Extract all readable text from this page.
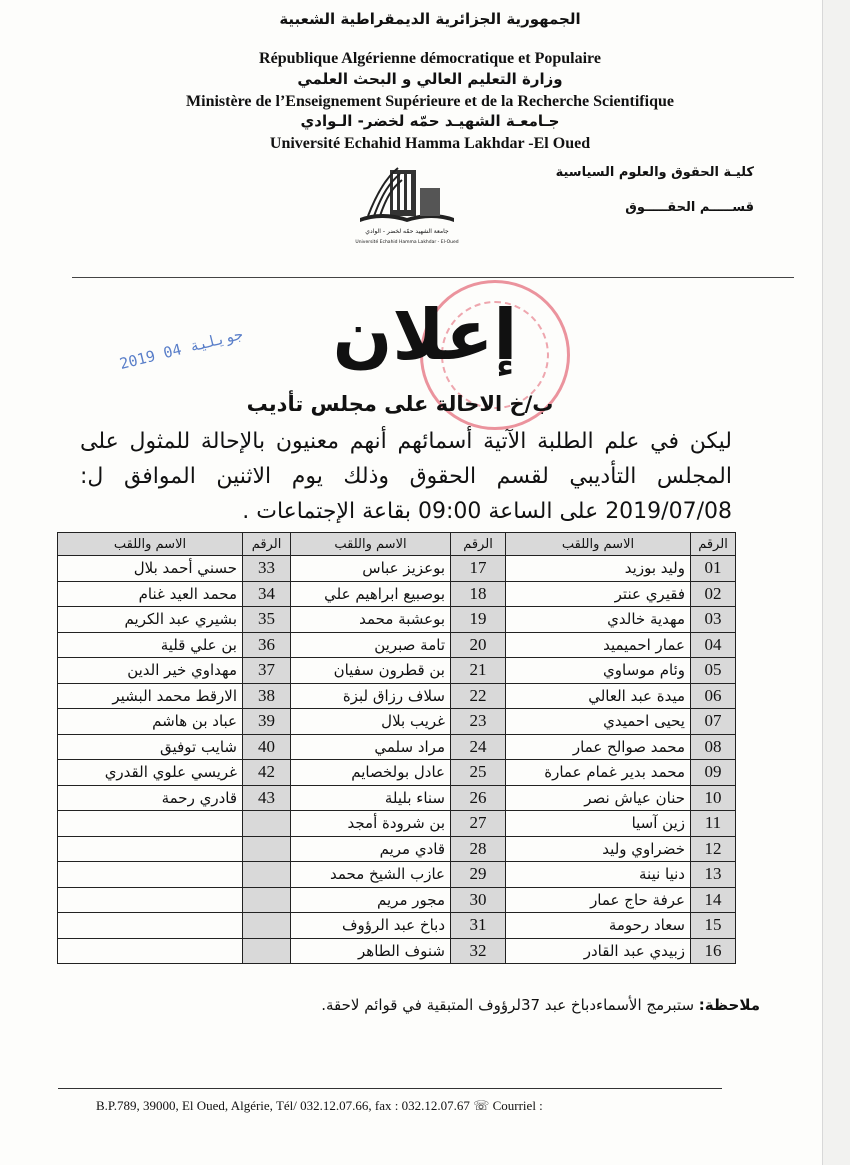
الجمهورية الجزائرية الديمقراطية الشعبية
République Algérienne démocratique et Populaire
وزارة التعليم العالي و البحث العلمي
Ministère de l’Enseignement Supérieure et de la Recherche Scientifique
جـامعـة الشهيـد حمّه لخضر- الـوادي
Université Echahid Hamma Lakhdar -El Oued
كليـة الحقوق والعلوم السياسية
قســـــم الحقـــــوق
جامعة الشهيد حمّه لخضر - الوادي
Université Echahid Hamma Lakhdar - El-Oued
2019 جويلية 04	إعلان
ب/خ الاحالة على مجلس تأديب
ليكن في علم الطلبة الآتية أسمائهم أنهم معنيون بالإحالة للمثول على
المجلس التأديبي لقسم الحقوق وذلك يوم الاثنين الموافق ل:
2019/07/08 على الساعة 09:00 بقاعة الإجتماعات .
الرقم	الاسم واللقب	الرقم	الاسم واللقب	الرقم	الاسم واللقب
01	وليد بوزيد	17	بوعزيز عباس	33	حسني أحمد بلال
02	فقيري عنتر	18	بوصبيع ابراهيم علي	34	محمد العيد غنام
03	مهدية خالدي	19	بوعشبة محمد	35	بشيري عبد الكريم
04	عمار احميميد	20	تامة صبرين	36	بن علي قلية
05	وئام موساوي	21	بن قطرون سفيان	37	مهداوي خير الدين
06	ميدة عبد العالي	22	سلاف رزاق لبزة	38	الارقط محمد البشير
07	يحيى احميدي	23	غريب بلال	39	عباد بن هاشم
08	محمد صوالح عمار	24	مراد سلمي	40	شايب توفيق
09	محمد بدير غمام عمارة	25	عادل بولخصايم	42	غريسي علوي القدري
10	حنان عياش نصر	26	سناء بليلة	43	قادري رحمة
11	زين آسيا	27	بن شرودة أمجد		
12	خضراوي وليد	28	قادي مريم		
13	دنيا نينة	29	عازب الشيخ محمد		
14	عرفة حاج عمار	30	مجور مريم		
15	سعاد رحومة	31	دباخ عبد الرؤوف		
16	زبيدي عبد القادر	32	شنوف الطاهر		
ملاحظة: ستبرمج الأسماءدباخ عبد 37لرؤوف المتبقية في قوائم لاحقة.
B.P.789, 39000, El Oued, Algérie, Tél/ 032.12.07.66, fax : 032.12.07.67 ☏ Courriel :
